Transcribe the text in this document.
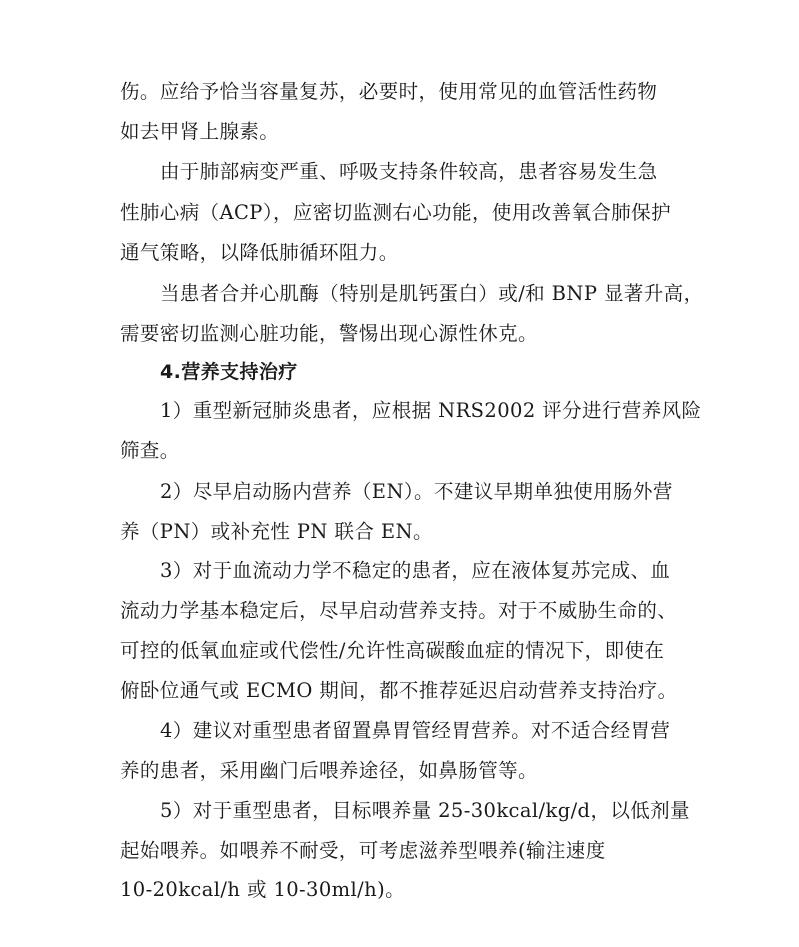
伤。应给予恰当容量复苏，必要时，使用常见的血管活性药物
如去甲肾上腺素。
由于肺部病变严重、呼吸支持条件较高，患者容易发生急
性肺心病（ACP），应密切监测右心功能，使用改善氧合肺保护
通气策略，以降低肺循环阻力。
当患者合并心肌酶（特别是肌钙蛋白）或/和 BNP 显著升高，
需要密切监测心脏功能，警惕出现心源性休克。
4.营养支持治疗
1）重型新冠肺炎患者，应根据 NRS2002 评分进行营养风险
筛查。
2）尽早启动肠内营养（EN）。不建议早期单独使用肠外营
养（PN）或补充性 PN 联合 EN。
3）对于血流动力学不稳定的患者，应在液体复苏完成、血
流动力学基本稳定后，尽早启动营养支持。对于不威胁生命的、
可控的低氧血症或代偿性/允许性高碳酸血症的情况下，即使在
俯卧位通气或 ECMO 期间，都不推荐延迟启动营养支持治疗。
4）建议对重型患者留置鼻胃管经胃营养。对不适合经胃营
养的患者，采用幽门后喂养途径，如鼻肠管等。
5）对于重型患者，目标喂养量 25-30kcal/kg/d，以低剂量
起始喂养。如喂养不耐受，可考虑滋养型喂养(输注速度
10-20kcal/h 或 10-30ml/h)。
